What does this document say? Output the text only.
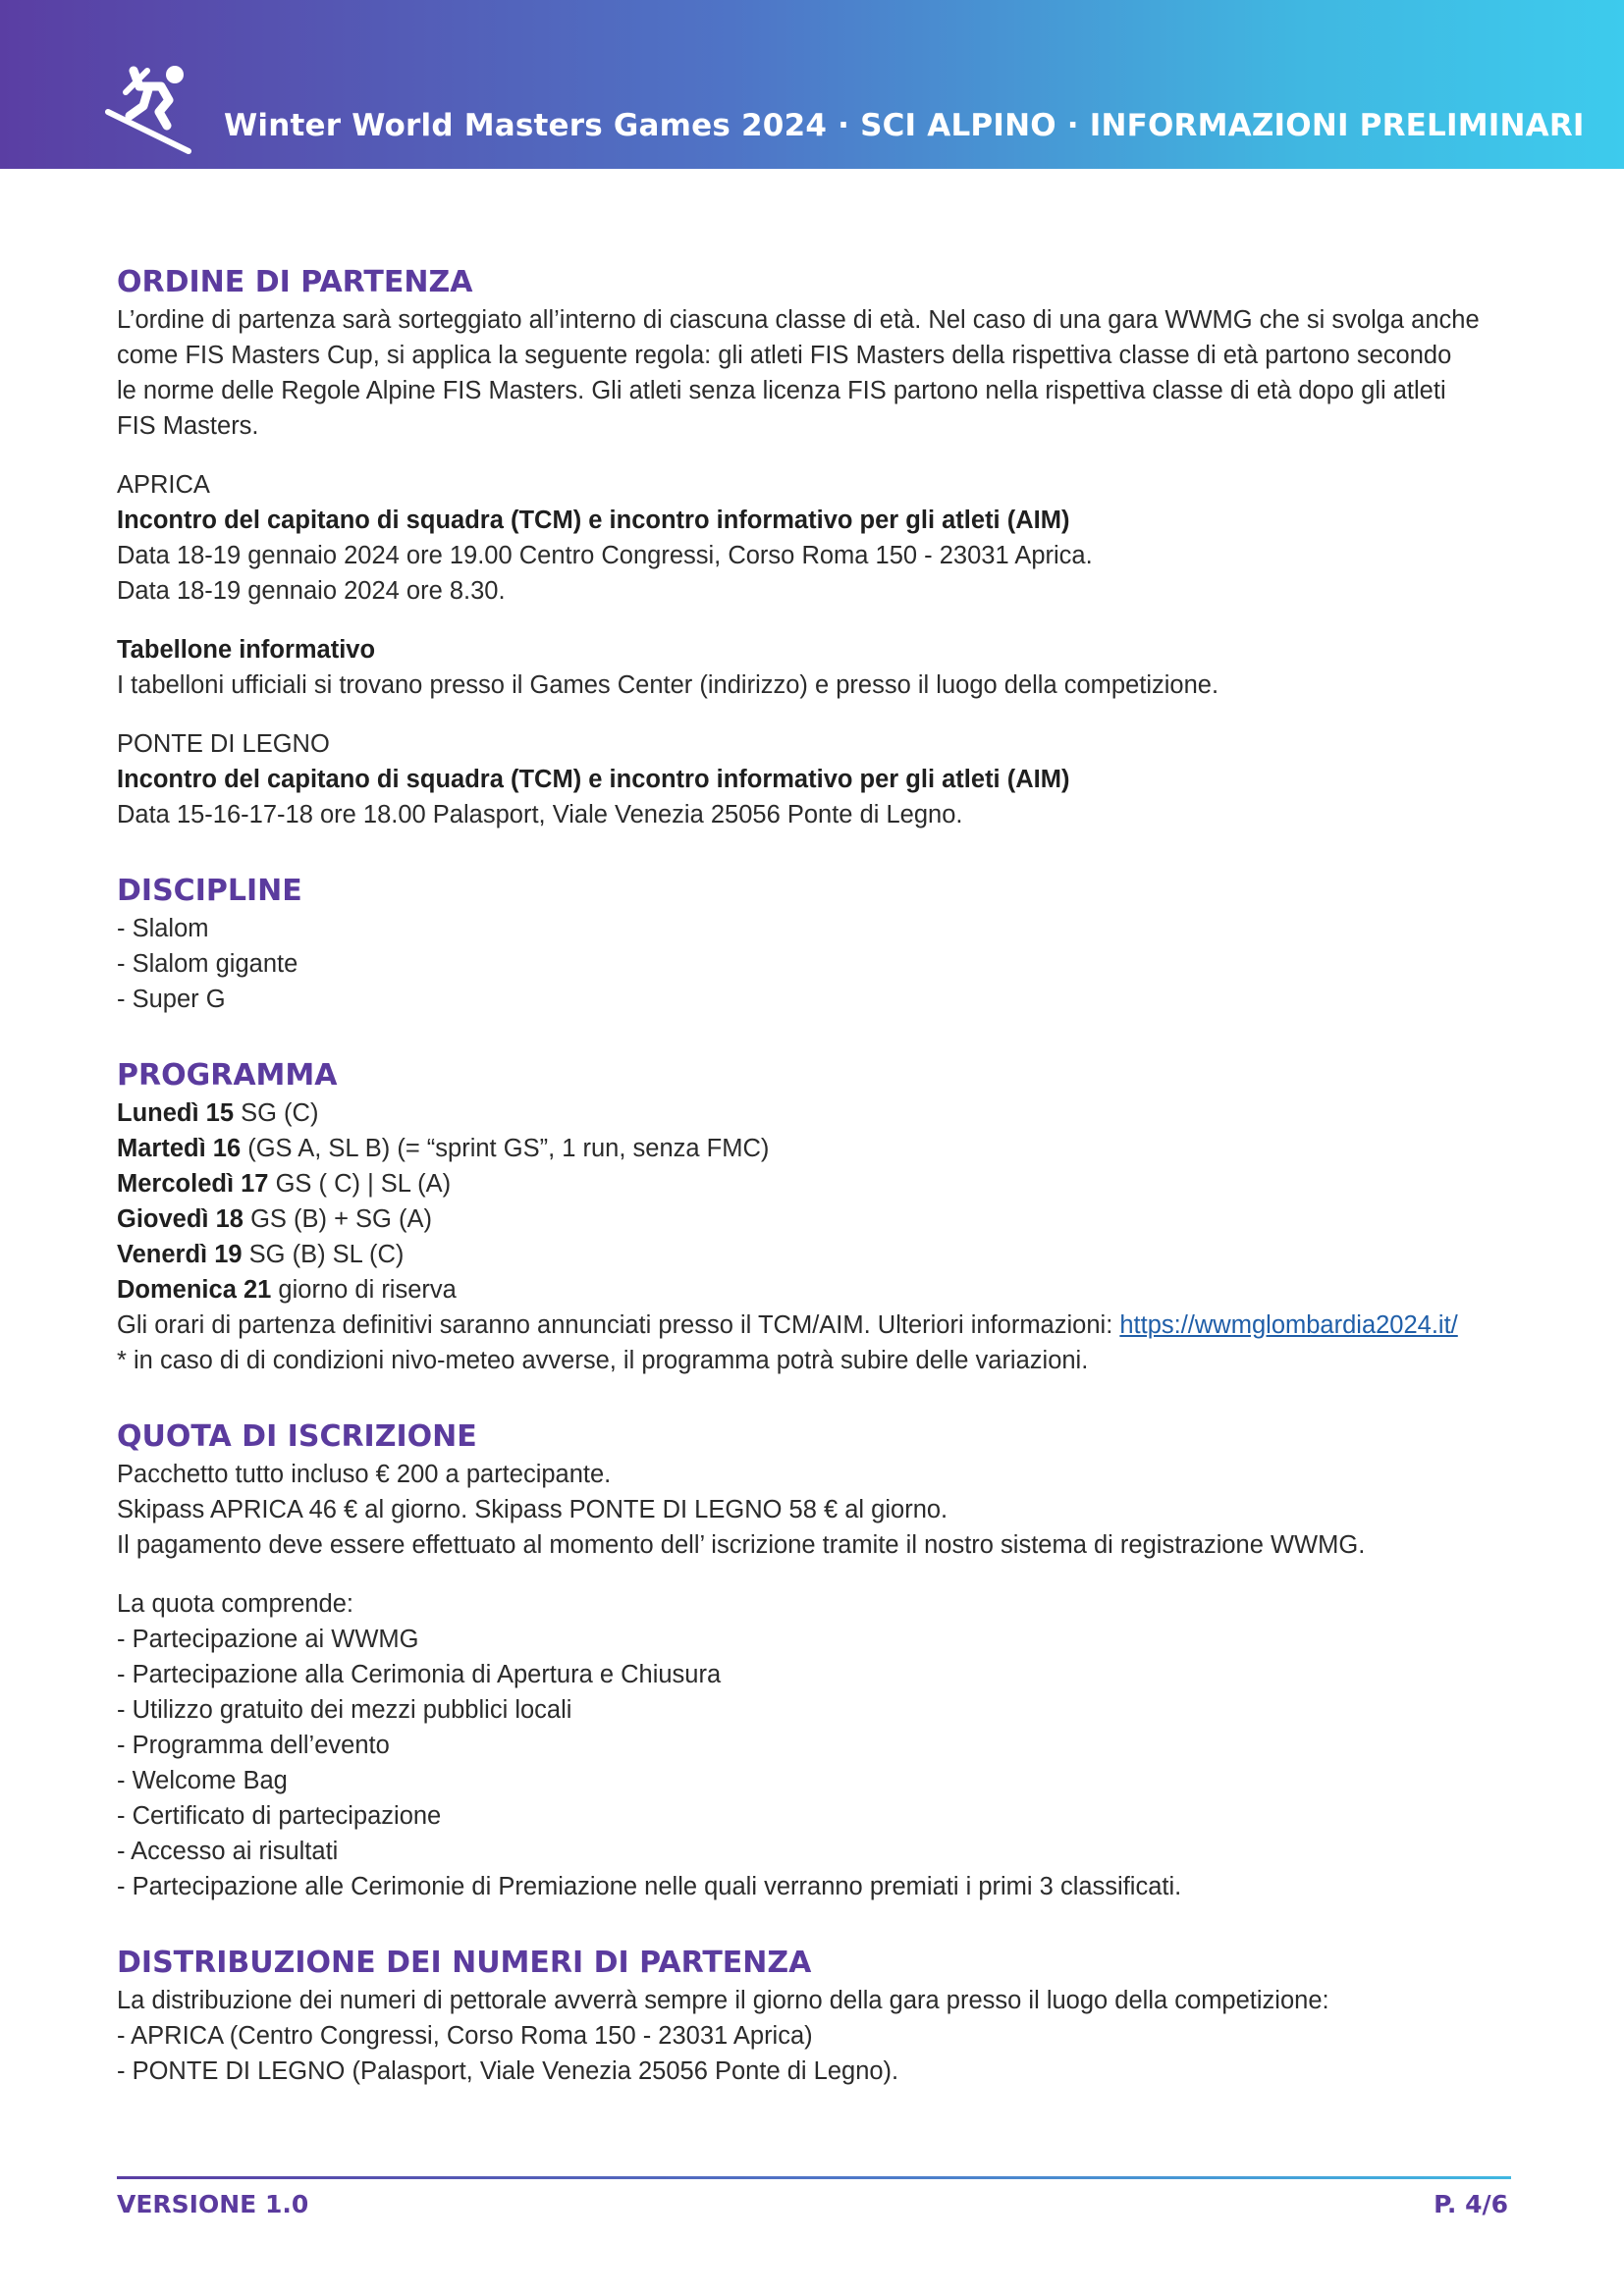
Winter World Masters Games 2024 · SCI ALPINO · INFORMAZIONI PRELIMINARI
ORDINE DI PARTENZA

L’ordine di partenza sarà sorteggiato all’interno di ciascuna classe di età. Nel caso di una gara WWMG che si svolga anche

come FIS Masters Cup, si applica la seguente regola: gli atleti FIS Masters della rispettiva classe di età partono secondo

le norme delle Regole Alpine FIS Masters. Gli atleti senza licenza FIS partono nella rispettiva classe di età dopo gli atleti

FIS Masters.

APRICA

Incontro del capitano di squadra (TCM) e incontro informativo per gli atleti (AIM)

Data 18-19 gennaio 2024 ore 19.00 Centro Congressi, Corso Roma 150 - 23031 Aprica.

Data 18-19 gennaio 2024 ore 8.30.

Tabellone informativo

I tabelloni ufficiali si trovano presso il Games Center (indirizzo) e presso il luogo della competizione.

PONTE DI LEGNO

Incontro del capitano di squadra (TCM) e incontro informativo per gli atleti (AIM)

Data 15-16-17-18 ore 18.00 Palasport, Viale Venezia 25056 Ponte di Legno.

DISCIPLINE

- Slalom

- Slalom gigante

- Super G

PROGRAMMA

Lunedì 15 SG (C)

Martedì 16 (GS A, SL B) (= “sprint GS”, 1 run, senza FMC)

Mercoledì 17 GS ( C) | SL (A)

Giovedì 18 GS (B) + SG (A)

Venerdì 19 SG (B) SL (C)

Domenica 21 giorno di riserva

Gli orari di partenza definitivi saranno annunciati presso il TCM/AIM. Ulteriori informazioni: https://wwmglombardia2024.it/

* in caso di di condizioni nivo-meteo avverse, il programma potrà subire delle variazioni.

QUOTA DI ISCRIZIONE

Pacchetto tutto incluso € 200 a partecipante.

Skipass APRICA 46 € al giorno. Skipass PONTE DI LEGNO 58 € al giorno.

Il pagamento deve essere effettuato al momento dell’ iscrizione tramite il nostro sistema di registrazione WWMG.

La quota comprende:

- Partecipazione ai WWMG

- Partecipazione alla Cerimonia di Apertura e Chiusura

- Utilizzo gratuito dei mezzi pubblici locali

- Programma dell’evento

- Welcome Bag

- Certificato di partecipazione

- Accesso ai risultati

- Partecipazione alle Cerimonie di Premiazione nelle quali verranno premiati i primi 3 classificati.

DISTRIBUZIONE DEI NUMERI DI PARTENZA

La distribuzione dei numeri di pettorale avverrà sempre il giorno della gara presso il luogo della competizione:

- APRICA (Centro Congressi, Corso Roma 150 - 23031 Aprica)

- PONTE DI LEGNO (Palasport, Viale Venezia 25056 Ponte di Legno).

VERSIONE 1.0	P. 4/6
